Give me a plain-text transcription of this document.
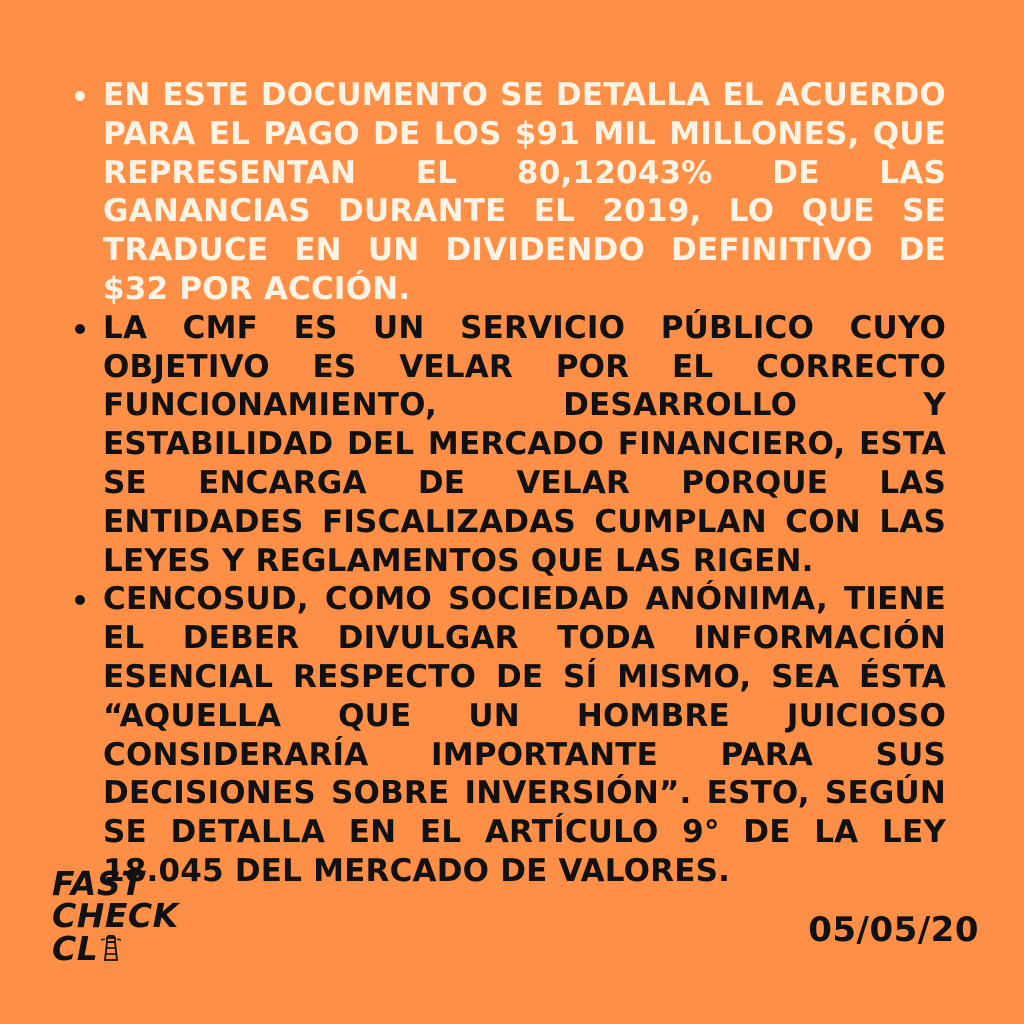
EN ESTE DOCUMENTO SE DETALLA EL ACUERDO PARA EL PAGO DE LOS $91 MIL MILLONES, QUE REPRESENTAN EL 80,12043% DE LAS GANANCIAS DURANTE EL 2019, LO QUE SE TRADUCE EN UN DIVIDENDO DEFINITIVO DE $32 POR ACCIÓN.
LA CMF ES UN SERVICIO PÚBLICO CUYO OBJETIVO ES VELAR POR EL CORRECTO FUNCIONAMIENTO, DESARROLLO Y ESTABILIDAD DEL MERCADO FINANCIERO, ESTA SE ENCARGA DE VELAR PORQUE LAS ENTIDADES FISCALIZADAS CUMPLAN CON LAS LEYES Y REGLAMENTOS QUE LAS RIGEN.
CENCOSUD, COMO SOCIEDAD ANÓNIMA, TIENE EL DEBER DIVULGAR TODA INFORMACIÓN ESENCIAL RESPECTO DE SÍ MISMO, SEA ÉSTA “AQUELLA QUE UN HOMBRE JUICIOSO CONSIDERARÍA IMPORTANTE PARA SUS DECISIONES SOBRE INVERSIÓN”. ESTO, SEGÚN SE DETALLA EN EL ARTÍCULO 9° DE LA LEY 18.045 DEL MERCADO DE VALORES.
FAST
CHECK
CL	05/05/20
